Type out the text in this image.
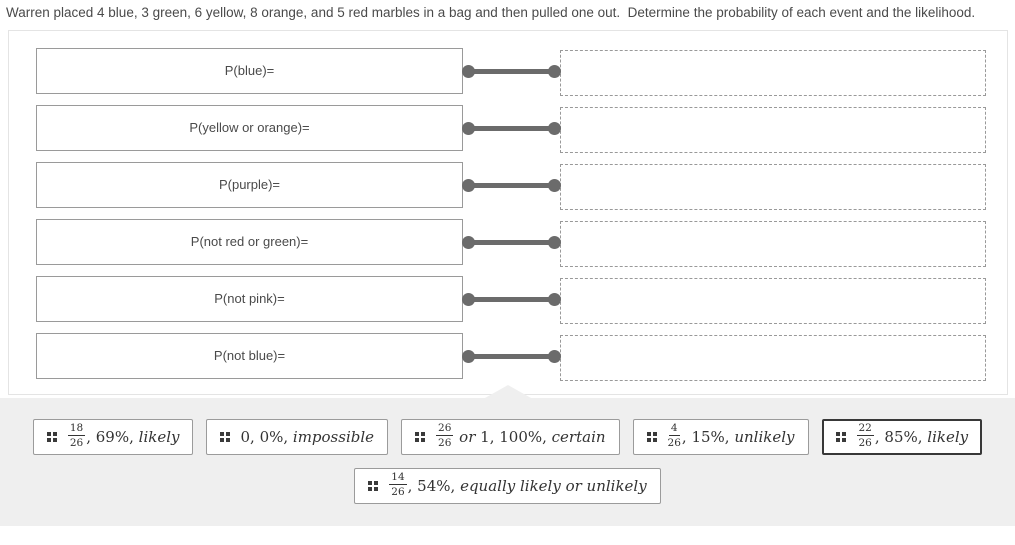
Warren placed 4 blue, 3 green, 6 yellow, 8 orange, and 5 red marbles in a bag and then pulled one out.  Determine the probability of each event and the likelihood.
P(blue)=
P(yellow or orange)=
P(purple)=
P(not red or green)=
P(not pink)=
P(not blue)=
$\frac{18}{26}$ , 69%, likely	0, 0%, impossible	$\frac{26}{26}$ or 1, 100%, certain	$\frac{4}{26}$ , 15%, unlikely	$\frac{22}{26}$ , 85%, likely
$\frac{14}{26}$ , 54%, equally likely or unlikely
